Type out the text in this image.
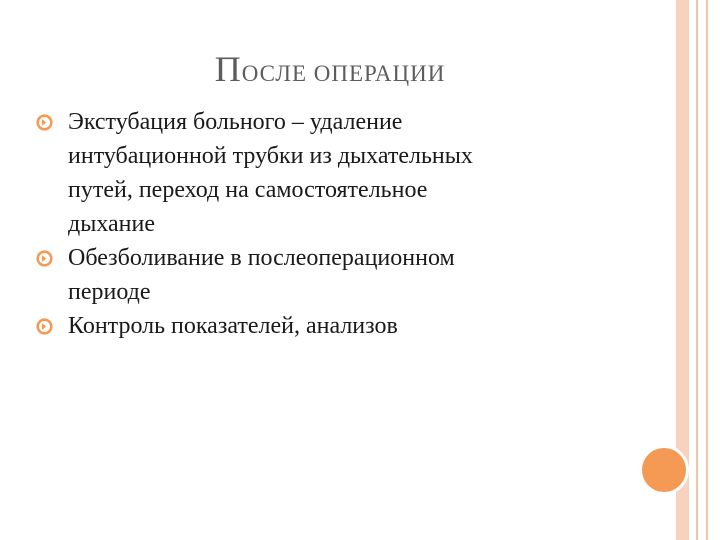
ПОСЛЕ ОПЕРАЦИИ
Экстубация больного – удаление
интубационной трубки из дыхательных
путей, переход на самостоятельное
дыхание
Обезболивание в послеоперационном
периоде
Контроль показателей, анализов
